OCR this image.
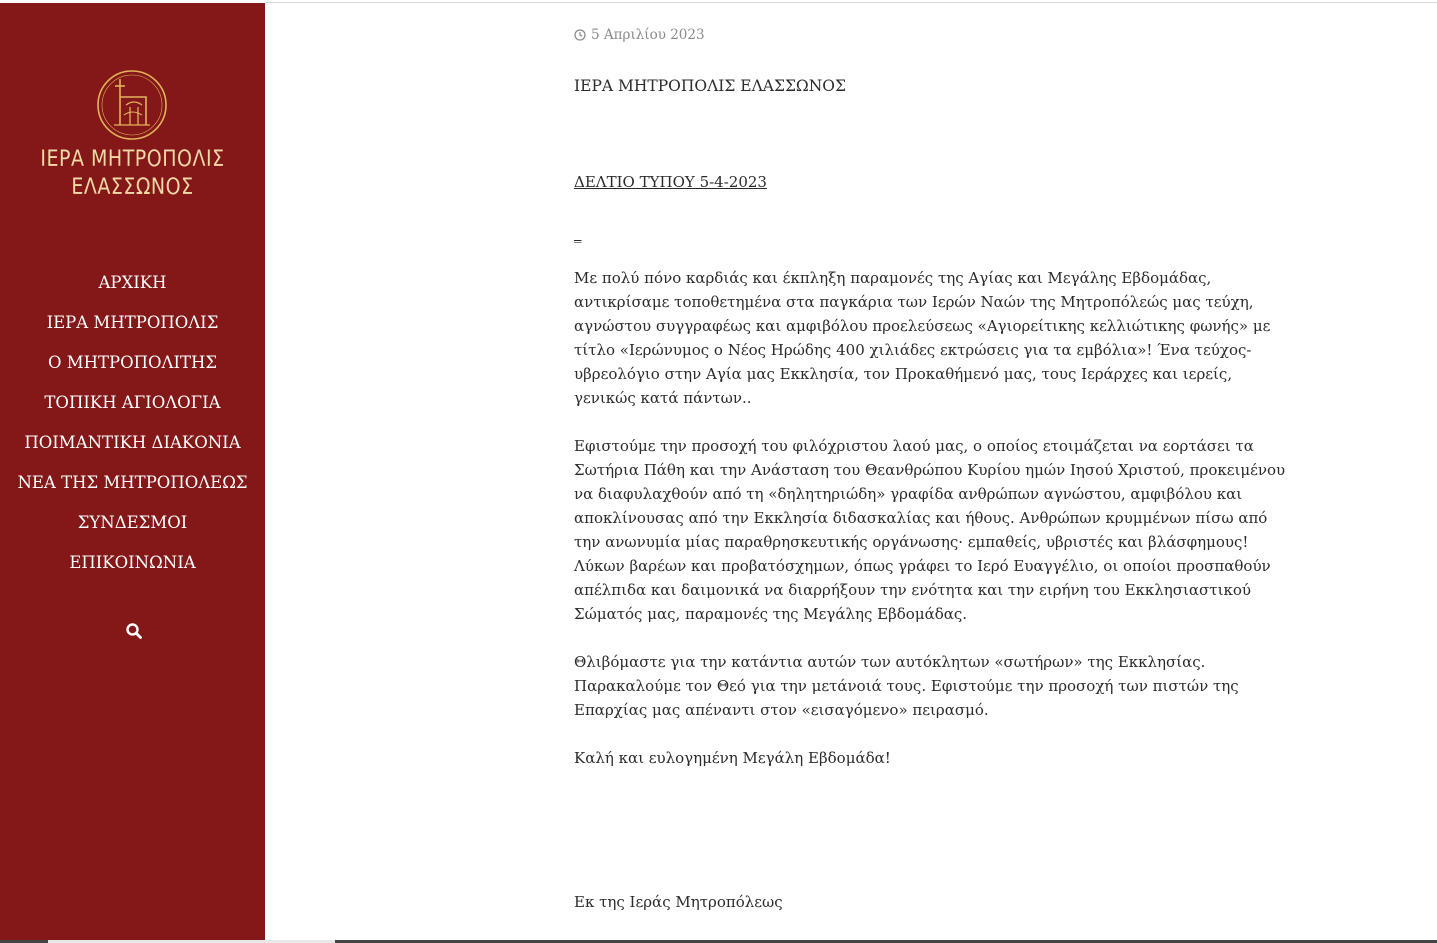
ΙΕΡΑ ΜΗΤΡΟΠΟΛΙΣ
ΕΛΑΣΣΩΝΟΣ
ΑΡΧΙΚΗ
ΙΕΡΑ ΜΗΤΡΟΠΟΛΙΣ
Ο ΜΗΤΡΟΠΟΛΙΤΗΣ
ΤΟΠΙΚΗ ΑΓΙΟΛΟΓΙΑ
ΠΟΙΜΑΝΤΙΚΗ ΔΙΑΚΟΝΙΑ
ΝΕΑ ΤΗΣ ΜΗΤΡΟΠΟΛΕΩΣ
ΣΥΝΔΕΣΜΟΙ
ΕΠΙΚΟΙΝΩΝΙΑ
5 Απριλίου 2023

ΙΕΡΑ ΜΗΤΡΟΠΟΛΙΣ ΕΛΑΣΣΩΝΟΣ

ΔΕΛΤΙΟ ΤΥΠΟΥ 5-4-2023

_

Με πολύ πόνο καρδιάς και έκπληξη παραμονές της Αγίας και Μεγάλης Εβδομάδας, αντικρίσαμε τοποθετημένα στα παγκάρια των Ιερών Ναών της Μητροπόλεώς μας τεύχη, αγνώστου συγγραφέως και αμφιβόλου προελεύσεως «Αγιορείτικης κελλιώτικης φωνής» με τίτλο «Ιερώνυμος ο Νέος Ηρώδης 400 χιλιάδες εκτρώσεις για τα εμβόλια»! Ένα τεύχος-υβρεολόγιο στην Αγία μας Εκκλησία, τον Προκαθήμενό μας, τους Ιεράρχες και ιερείς, γενικώς κατά πάντων..

Εφιστούμε την προσοχή του φιλόχριστου λαού μας, ο οποίος ετοιμάζεται να εορτάσει τα Σωτήρια Πάθη και την Ανάσταση του Θεανθρώπου Κυρίου ημών Ιησού Χριστού, προκειμένου να διαφυλαχθούν από τη «δηλητηριώδη» γραφίδα ανθρώπων αγνώστου, αμφιβόλου και αποκλίνουσας από την Εκκλησία διδασκαλίας και ήθους. Ανθρώπων κρυμμένων πίσω από την ανωνυμία μίας παραθρησκευτικής οργάνωσης· εμπαθείς, υβριστές και βλάσφημους! Λύκων βαρέων και προβατόσχημων, όπως γράφει το Ιερό Ευαγγέλιο, οι οποίοι προσπαθούν απέλπιδα και δαιμονικά να διαρρήξουν την ενότητα και την ειρήνη του Εκκλησιαστικού Σώματός μας, παραμονές της Μεγάλης Εβδομάδας.

Θλιβόμαστε για την κατάντια αυτών των αυτόκλητων «σωτήρων» της Εκκλησίας. Παρακαλούμε τον Θεό για την μετάνοιά τους. Εφιστούμε την προσοχή των πιστών της Επαρχίας μας απέναντι στον «εισαγόμενο» πειρασμό.

Καλή και ευλογημένη Μεγάλη Εβδομάδα!

Εκ της Ιεράς Μητροπόλεως
